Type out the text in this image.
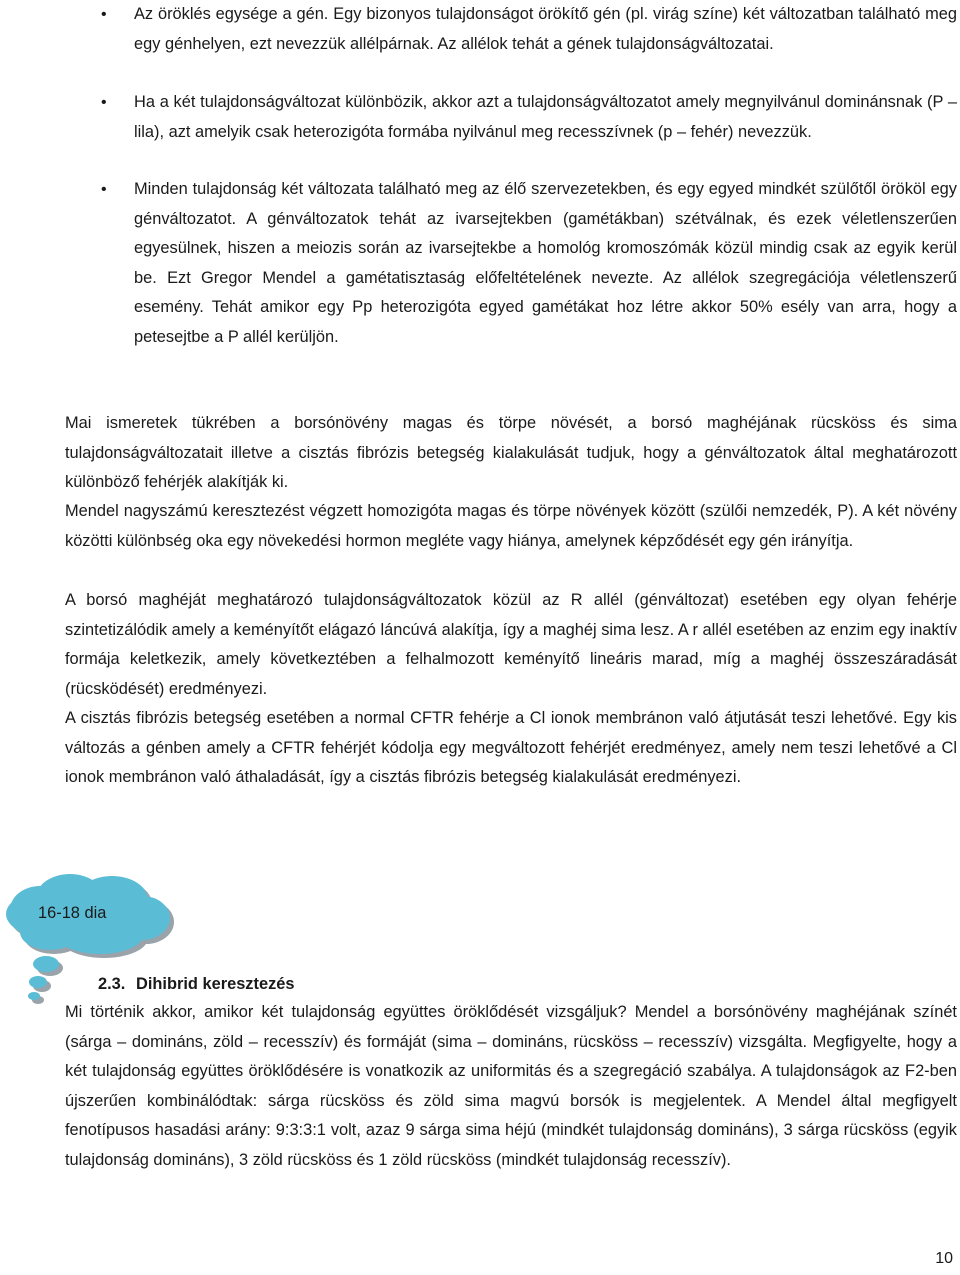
• Az öröklés egysége a gén. Egy bizonyos tulajdonságot örökítő gén (pl. virág színe) két változatban található meg egy génhelyen, ezt nevezzük allélpárnak. Az allélok tehát a gének tulajdonságváltozatai.
• Ha a két tulajdonságváltozat különbözik, akkor azt a tulajdonságváltozatot amely megnyilvánul dominánsnak (P – lila), azt amelyik csak heterozigóta formába nyilvánul meg recesszívnek (p – fehér) nevezzük.
• Minden tulajdonság két változata található meg az élő szervezetekben, és egy egyed mindkét szülőtől örököl egy génváltozatot. A génváltozatok tehát az ivarsejtekben (gamétákban) szétválnak, és ezek véletlenszerűen egyesülnek, hiszen a meiozis során az ivarsejtekbe a homológ kromoszómák közül mindig csak az egyik kerül be. Ezt Gregor Mendel a gamétatisztaság előfeltételének nevezte. Az allélok szegregációja véletlenszerű esemény. Tehát amikor egy Pp heterozigóta egyed gamétákat hoz létre akkor 50% esély van arra, hogy a petesejtbe a P allél kerüljön.

Mai ismeretek tükrében a borsónövény magas és törpe növését, a borsó maghéjának rücsköss és sima tulajdonságváltozatait illetve a cisztás fibrózis betegség kialakulását tudjuk, hogy a génváltozatok által meghatározott különböző fehérjék alakítják ki.

Mendel nagyszámú keresztezést végzett homozigóta magas és törpe növények között (szülői nemzedék, P). A két növény közötti különbség oka egy növekedési hormon megléte vagy hiánya, amelynek képződését egy gén irányítja.

A borsó maghéját meghatározó tulajdonságváltozatok közül az R allél (génváltozat) esetében egy olyan fehérje szintetizálódik amely a keményítőt elágazó láncúvá alakítja, így a maghéj sima lesz. A r allél esetében az enzim egy inaktív formája keletkezik, amely következtében a felhalmozott keményítő lineáris marad, míg a maghéj összeszáradását (rücsködését) eredményezi.

A cisztás fibrózis betegség esetében a normal CFTR fehérje a Cl ionok membránon való átjutását teszi lehetővé. Egy kis változás a génben amely a CFTR fehérjét kódolja egy megváltozott fehérjét eredményez, amely nem teszi lehetővé a Cl ionok membránon való áthaladását, így a cisztás fibrózis betegség kialakulását eredményezi.

16-18 dia
2.3. Dihibrid keresztezés

Mi történik akkor, amikor két tulajdonság együttes öröklődését vizsgáljuk? Mendel a borsónövény maghéjának színét (sárga – domináns, zöld – recesszív) és formáját (sima – domináns, rücsköss – recesszív) vizsgálta. Megfigyelte, hogy a két tulajdonság együttes öröklődésére is vonatkozik az uniformitás és a szegregáció szabálya. A tulajdonságok az F2-ben újszerűen kombinálódtak: sárga rücsköss és zöld sima magvú borsók is megjelentek. A Mendel által megfigyelt fenotípusos hasadási arány: 9:3:3:1 volt, azaz 9 sárga sima héjú (mindkét tulajdonság domináns), 3 sárga rücsköss (egyik tulajdonság domináns), 3 zöld rücsköss és 1 zöld rücsköss (mindkét tulajdonság recesszív).

10
